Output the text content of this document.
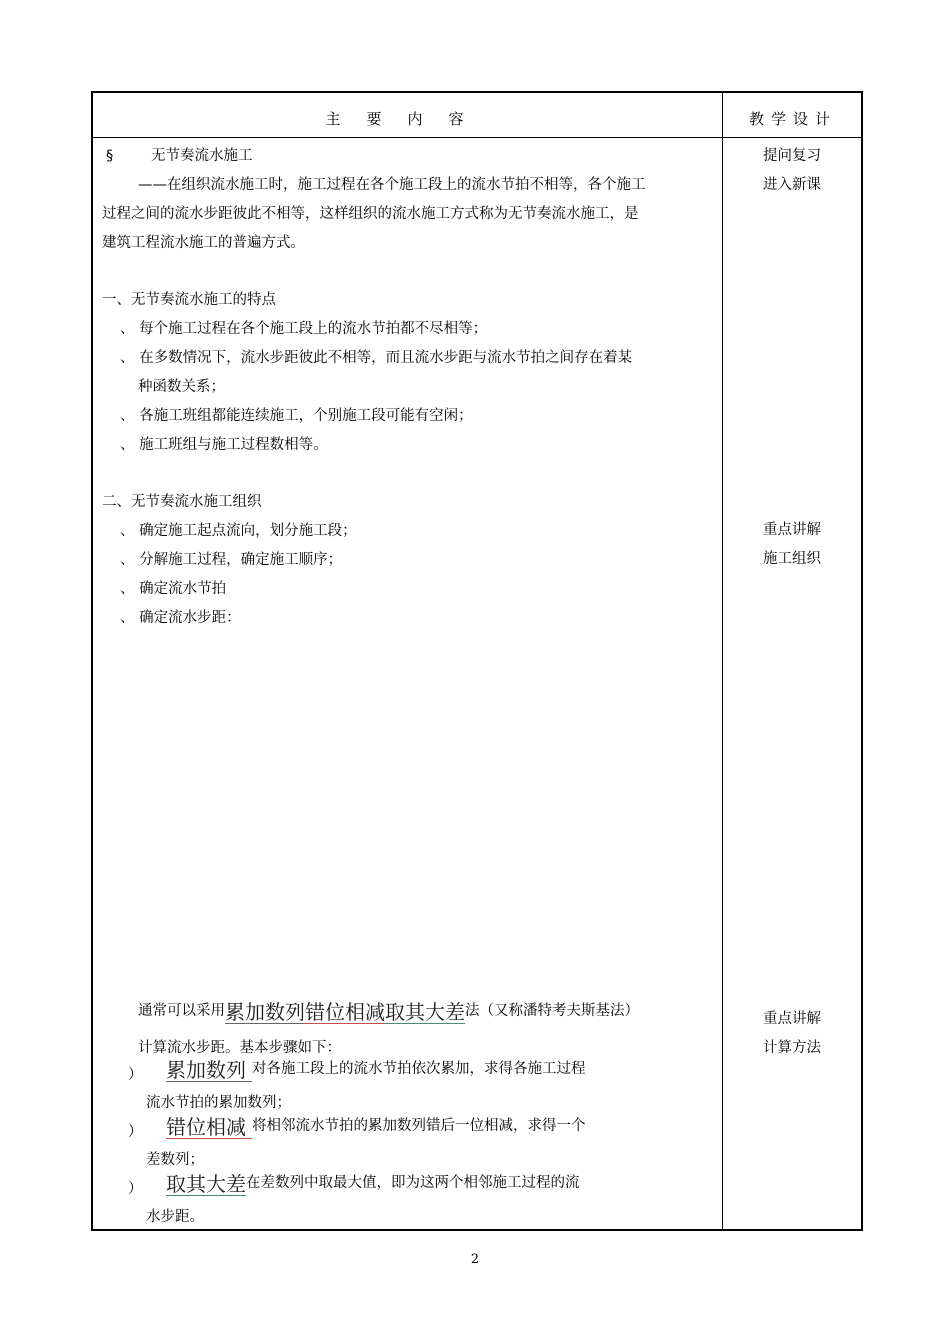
主要内容	教学设计
§	无节奏流水施工
——在组织流水施工时，施工过程在各个施工段上的流水节拍不相等，各个施工
过程之间的流水步距彼此不相等，这样组织的流水施工方式称为无节奏流水施工，是
建筑工程流水施工的普遍方式。
一、无节奏流水施工的特点
、 每个施工过程在各个施工段上的流水节拍都不尽相等；
、 在多数情况下，流水步距彼此不相等，而且流水步距与流水节拍之间存在着某
种函数关系；
、 各施工班组都能连续施工，个别施工段可能有空闲；
、 施工班组与施工过程数相等。
二、无节奏流水施工组织
、 确定施工起点流向，划分施工段；
、 分解施工过程，确定施工顺序；
、 确定流水节拍
、 确定流水步距：
通常可以采用累加数列错位相减取其大差法（又称潘特考夫斯基法）
计算流水步距。基本步骤如下：
） 累加数列 对各施工段上的流水节拍依次累加，求得各施工过程
流水节拍的累加数列；
） 错位相减 将相邻流水节拍的累加数列错后一位相减，求得一个
差数列；
） 取其大差在差数列中取最大值，即为这两个相邻施工过程的流
水步距。
提问复习
进入新课
重点讲解
施工组织
重点讲解
计算方法
2
